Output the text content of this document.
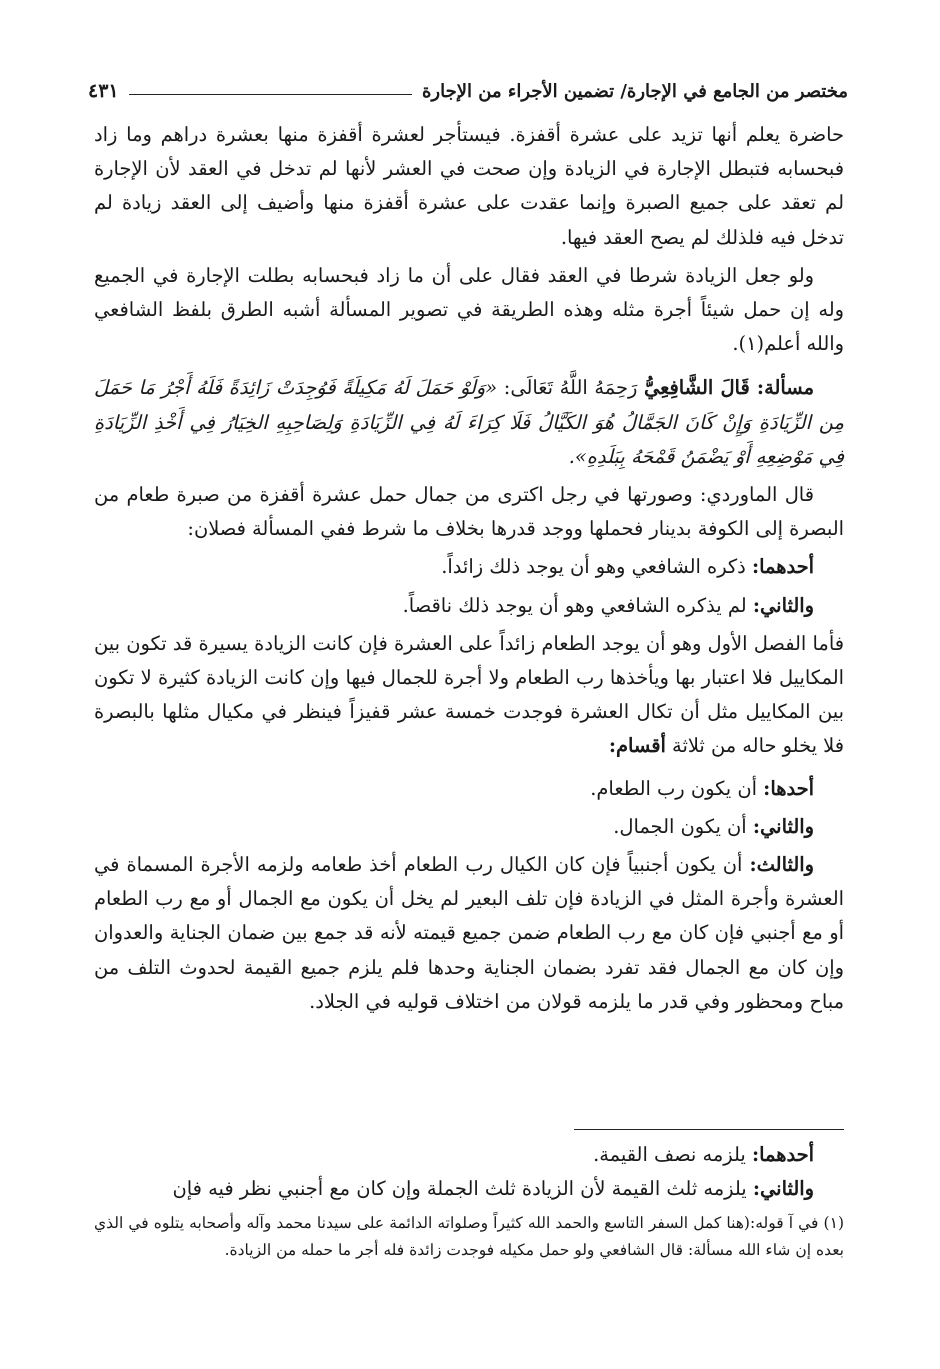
مختصر من الجامع في الإجارة/ تضمين الأجراء من الإجارة
٤٣١

حاضرة يعلم أنها تزيد على عشرة أقفزة. فيستأجر لعشرة أقفزة منها بعشرة دراهم وما زاد فبحسابه فتبطل الإجارة في الزيادة وإن صحت في العشر لأنها لم تدخل في العقد لأن الإجارة لم تعقد على جميع الصبرة وإنما عقدت على عشرة أقفزة منها وأضيف إلى العقد زيادة لم تدخل فيه فلذلك لم يصح العقد فيها.

ولو جعل الزيادة شرطا في العقد فقال على أن ما زاد فبحسابه بطلت الإجارة في الجميع وله إن حمل شيئاً أجرة مثله وهذه الطريقة في تصوير المسألة أشبه الطرق بلفظ الشافعي والله أعلم(١).

مسألة: قَالَ الشَّافِعِيُّ رَحِمَهُ اللَّهُ تَعَالَى: «وَلَوْ حَمَلَ لَهُ مَكِيلَةً فَوُجِدَتْ زَائِدَةً فَلَهُ أَجْرُ مَا حَمَلَ مِن الزِّيَادَةِ وَإِنْ كَانَ الجَمَّالُ هُوَ الكَيَّالُ فَلَا كِرَاءَ لَهُ فِي الزِّيَادَةِ وَلِصَاحِبِهِ الخِيَارُ فِي أَخْذِ الزِّيَادَةِ فِي مَوْضِعِهِ أَوْ يَضْمَنُ قَمْحَهُ بِبَلَدِهِ».

قال الماوردي: وصورتها في رجل اكترى من جمال حمل عشرة أقفزة من صبرة طعام من البصرة إلى الكوفة بدينار فحملها ووجد قدرها بخلاف ما شرط ففي المسألة فصلان:

أحدهما: ذكره الشافعي وهو أن يوجد ذلك زائداً.

والثاني: لم يذكره الشافعي وهو أن يوجد ذلك ناقصاً.

فأما الفصل الأول وهو أن يوجد الطعام زائداً على العشرة فإن كانت الزيادة يسيرة قد تكون بين المكاييل فلا اعتبار بها ويأخذها رب الطعام ولا أجرة للجمال فيها وإن كانت الزيادة كثيرة لا تكون بين المكاييل مثل أن تكال العشرة فوجدت خمسة عشر قفيزاً فينظر في مكيال مثلها بالبصرة فلا يخلو حاله من ثلاثة أقسام:

أحدها: أن يكون رب الطعام.

والثاني: أن يكون الجمال.

والثالث: أن يكون أجنبياً فإن كان الكيال رب الطعام أخذ طعامه ولزمه الأجرة المسماة في العشرة وأجرة المثل في الزيادة فإن تلف البعير لم يخل أن يكون مع الجمال أو مع رب الطعام أو مع أجنبي فإن كان مع رب الطعام ضمن جميع قيمته لأنه قد جمع بين ضمان الجناية والعدوان وإن كان مع الجمال فقد تفرد بضمان الجناية وحدها فلم يلزم جميع القيمة لحدوث التلف من مباح ومحظور وفي قدر ما يلزمه قولان من اختلاف قوليه في الجلاد.

أحدهما: يلزمه نصف القيمة.

والثاني: يلزمه ثلث القيمة لأن الزيادة ثلث الجملة وإن كان مع أجنبي نظر فيه فإن

(١) في آ قوله:(هنا كمل السفر التاسع والحمد الله كثيراً وصلواته الدائمة على سيدنا محمد وآله وأصحابه يتلوه في الذي بعده إن شاء الله مسألة: قال الشافعي ولو حمل مكيله فوجدت زائدة فله أجر ما حمله من الزيادة.
